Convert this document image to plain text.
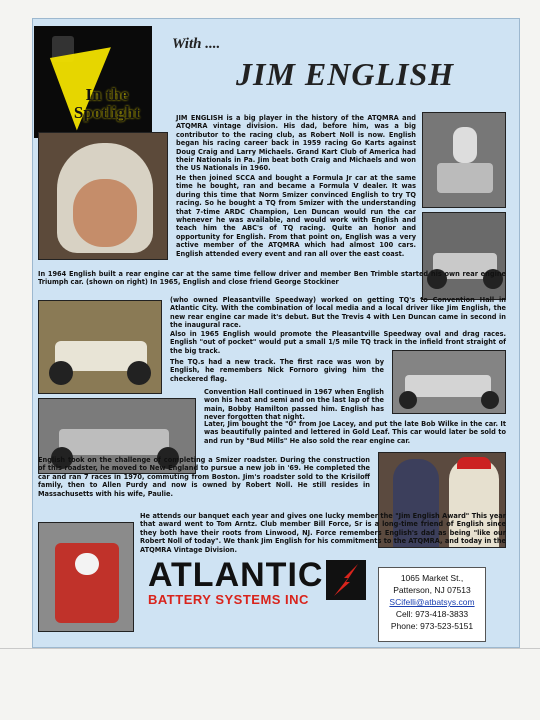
In the Spotlight
With ....
JIM ENGLISH
JIM ENGLISH is a big player in the history of the ATQMRA and ATQMRA vintage division. His dad, before him, was a big contributor to the racing club, as Robert Noll is now. English began his racing career back in 1959 racing Go Karts against Doug Craig and Larry Michaels. Grand Kart Club of America had their Nationals in Pa. Jim beat both Craig and Michaels and won the US Nationals in 1960.
He then joined SCCA and bought a Formula Jr car at the same time he bought, ran and became a Formula V dealer. It was during this time that Norm Smizer convinced English to try TQ racing. So he bought a TQ from Smizer with the understanding that 7-time ARDC Champion, Len Duncan would run the car whenever he was available, and would work with English and teach him the ABC's of TQ racing. Quite an honor and opportunity for English. From that point on, English was a very active member of the ATQMRA which had almost 100 cars. English attended every event and ran all over the east coast.
In 1964 English built a rear engine car at the same time fellow driver and member Ben Trimble started his own rear engine Triumph car. (shown on right) In 1965, English and close friend George Stockiner
(who owned Pleasantville Speedway) worked on getting TQ's to Convention Hall in Atlantic City. With the combination of local media and a local driver like Jim English, the new rear engine car made it's debut. But the Trevis 4 with Len Duncan came in second in the inaugural race.
Also in 1965 English would promote the Pleasantville Speedway oval and drag races. English "out of pocket" would put a small 1/5 mile TQ track in the infield front straight of the big track.
The TQ.s had a new track. The first race was won by English, he remembers Nick Fornoro giving him the checkered flag.
Convention Hall continued in 1967 when English won his heat and semi and on the last lap of the main, Bobby Hamilton passed him. English has never forgotten that night.
Later, Jim bought the "0" from Joe Lacey, and put the late Bob Wilke in the car. It was beautifully painted and lettered in Gold Leaf. This car would later be sold to and run by "Bud Mills" He also sold the rear engine car.
English took on the challenge of completing a Smizer roadster. During the construction of this roadster, he moved to New England to pursue a new job in '69. He completed the car and ran 7 races in 1970, commuting from Boston. Jim's roadster sold to the Krisiloff family, then to Allen Purdy and now is owned by Robert Noll. He still resides in Massachusetts with his wife, Paulie.
He attends our banquet each year and gives one lucky member the "Jim English Award" This year that award went to Tom Arntz. Club member Bill Force, Sr is a long-time friend of English since they both have their roots from Linwood, NJ. Force remembers English's dad as being "like our Robert Noll of today". We thank Jim English for his commitments to the ATQMRA, and today in the ATQMRA Vintage Division.
ATLANTIC
BATTERY SYSTEMS INC
1065 Market St.,
Patterson, NJ 07513
SCifelli@atbatsys.com
Cell: 973-418-3833
Phone: 973-523-5151
